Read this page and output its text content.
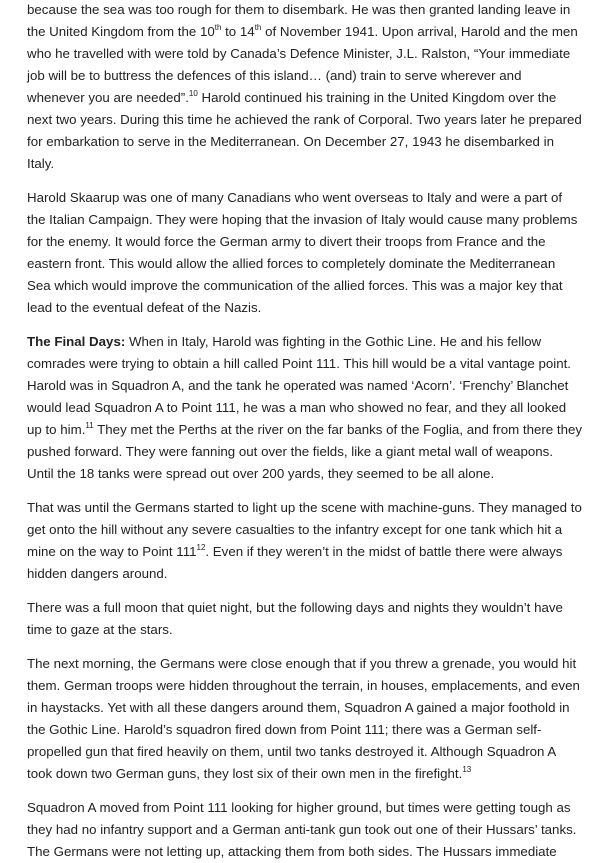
because the sea was too rough for them to disembark. He was then granted landing leave in the United Kingdom from the 10th to 14th of November 1941. Upon arrival, Harold and the men who he travelled with were told by Canada’s Defence Minister, J.L. Ralston, “Your immediate job will be to buttress the defences of this island… (and) train to serve wherever and whenever you are needed”.$^{10}$ Harold continued his training in the United Kingdom over the next two years. During this time he achieved the rank of Corporal. Two years later he prepared for embarkation to serve in the Mediterranean. On December 27, 1943 he disembarked in Italy.

Harold Skaarup was one of many Canadians who went overseas to Italy and were a part of the Italian Campaign. They were hoping that the invasion of Italy would cause many problems for the enemy. It would force the German army to divert their troops from France and the eastern front. This would allow the allied forces to completely dominate the Mediterranean Sea which would improve the communication of the allied forces. This was a major key that lead to the eventual defeat of the Nazis.

The Final Days: When in Italy, Harold was fighting in the Gothic Line. He and his fellow comrades were trying to obtain a hill called Point 111. This hill would be a vital vantage point. Harold was in Squadron A, and the tank he operated was named ‘Acorn’. ‘Frenchy’ Blanchet would lead Squadron A to Point 111, he was a man who showed no fear, and they all looked up to him.$^{11}$ They met the Perths at the river on the far banks of the Foglia, and from there they pushed forward. They were fanning out over the fields, like a giant metal wall of weapons. Until the 18 tanks were spread out over 200 yards, they seemed to be all alone.

That was until the Germans started to light up the scene with machine-guns. They managed to get onto the hill without any severe casualties to the infantry except for one tank which hit a mine on the way to Point $111^{12}$. Even if they weren’t in the midst of battle there were always hidden dangers around.

There was a full moon that quiet night, but the following days and nights they wouldn’t have time to gaze at the stars.

The next morning, the Germans were close enough that if you threw a grenade, you would hit them. German troops were hidden throughout the terrain, in houses, emplacements, and even in haystacks. Yet with all these dangers around them, Squadron A gained a major foothold in the Gothic Line. Harold’s squadron fired down from Point 111; there was a German self-propelled gun that fired heavily on them, until two tanks destroyed it. Although Squadron A took down two German guns, they lost six of their own men in the firefight.$^{13}$

Squadron A moved from Point 111 looking for higher ground, but times were getting tough as they had no infantry support and a German anti-tank gun took out one of their Hussars’ tanks. The Germans were not letting up, attacking them from both sides. The Hussars immediate
